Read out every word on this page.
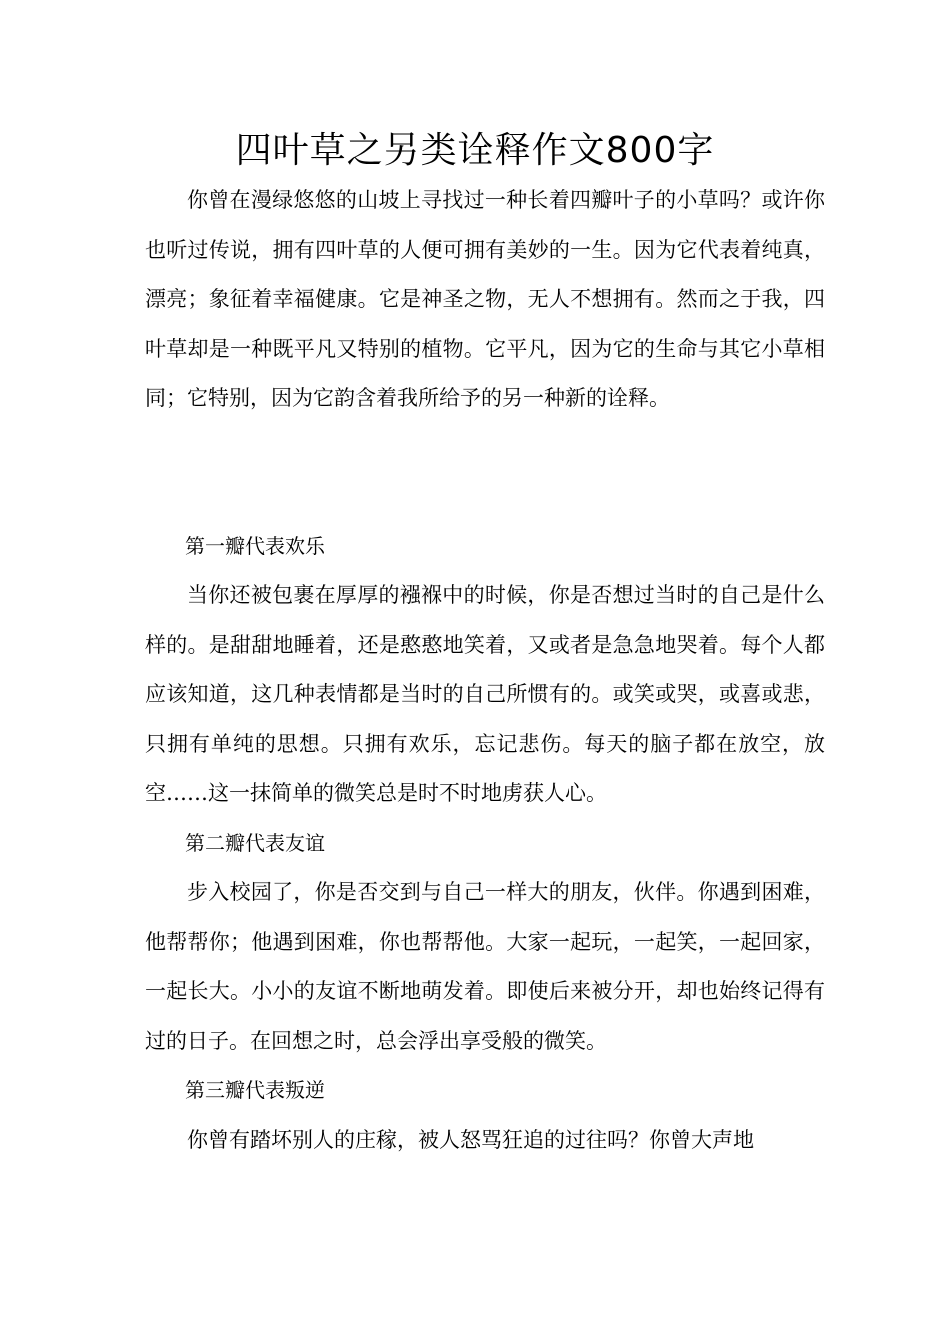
四叶草之另类诠释作文800字

你曾在漫绿悠悠的山坡上寻找过一种长着四瓣叶子的小草吗？或许你也听过传说，拥有四叶草的人便可拥有美妙的一生。因为它代表着纯真，漂亮；象征着幸福健康。它是神圣之物，无人不想拥有。然而之于我，四叶草却是一种既平凡又特别的植物。它平凡，因为它的生命与其它小草相同；它特别，因为它韵含着我所给予的另一种新的诠释。

第一瓣代表欢乐

当你还被包裹在厚厚的襁褓中的时候，你是否想过当时的自己是什么样的。是甜甜地睡着，还是憨憨地笑着，又或者是急急地哭着。每个人都应该知道，这几种表情都是当时的自己所惯有的。或笑或哭，或喜或悲，只拥有单纯的思想。只拥有欢乐，忘记悲伤。每天的脑子都在放空，放空……这一抹简单的微笑总是时不时地虏获人心。

第二瓣代表友谊

步入校园了，你是否交到与自己一样大的朋友，伙伴。你遇到困难，他帮帮你；他遇到困难，你也帮帮他。大家一起玩，一起笑，一起回家，一起长大。小小的友谊不断地萌发着。即使后来被分开，却也始终记得有过的日子。在回想之时，总会浮出享受般的微笑。

第三瓣代表叛逆

你曾有踏坏别人的庄稼，被人怒骂狂追的过往吗？你曾大声地
